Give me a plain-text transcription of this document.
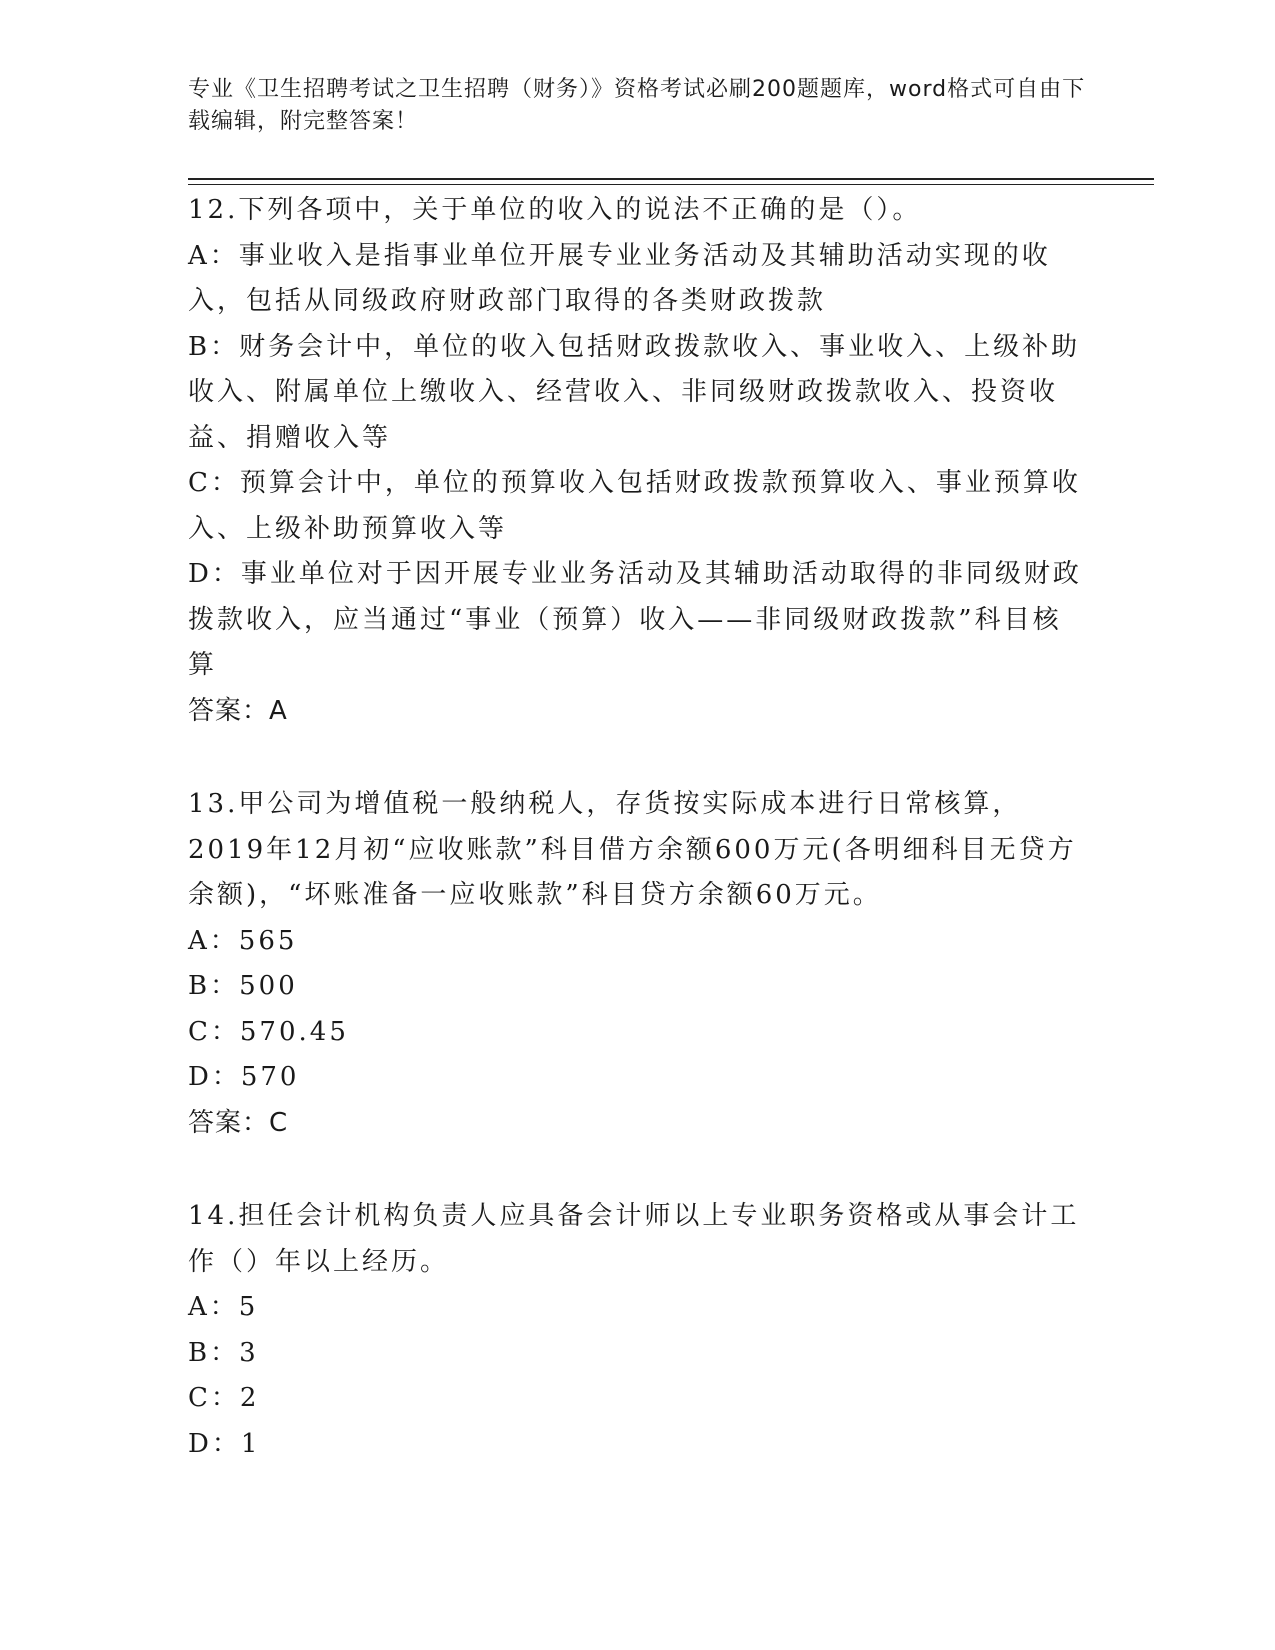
专业《卫生招聘考试之卫生招聘（财务）》资格考试必刷200题题库，word格式可自由下载编辑，附完整答案！

12.下列各项中，关于单位的收入的说法不正确的是（）。

A：事业收入是指事业单位开展专业业务活动及其辅助活动实现的收入，包括从同级政府财政部门取得的各类财政拨款

B：财务会计中，单位的收入包括财政拨款收入、事业收入、上级补助收入、附属单位上缴收入、经营收入、非同级财政拨款收入、投资收益、捐赠收入等

C：预算会计中，单位的预算收入包括财政拨款预算收入、事业预算收入、上级补助预算收入等

D：事业单位对于因开展专业业务活动及其辅助活动取得的非同级财政拨款收入，应当通过“事业（预算）收入——非同级财政拨款”科目核算

答案：A

13.甲公司为增值税一般纳税人，存货按实际成本进行日常核算，2019年12月初“应收账款”科目借方余额600万元(各明细科目无贷方余额)，“坏账准备一应收账款”科目贷方余额60万元。

A：565

B：500

C：570.45

D：570

答案：C

14.担任会计机构负责人应具备会计师以上专业职务资格或从事会计工作（）年以上经历。

A：5

B：3

C：2

D：1
